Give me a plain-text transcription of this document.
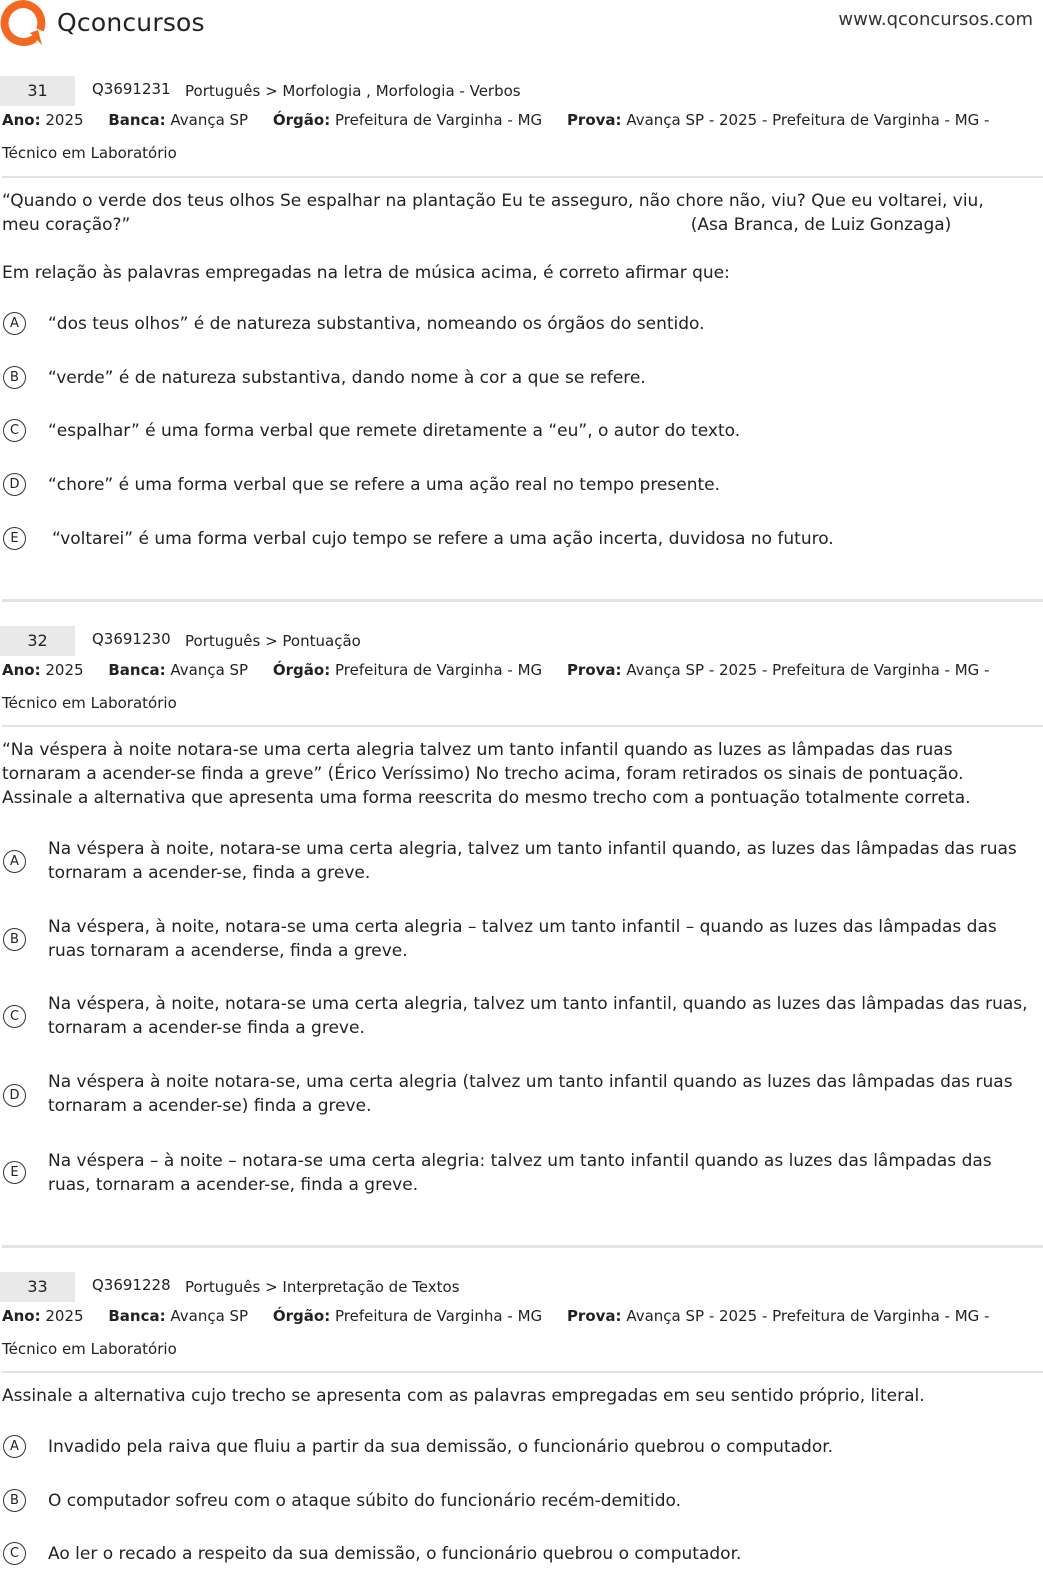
Qconcursos	www.qconcursos.com
31	Q3691231 Português > Morfologia , Morfologia - Verbos
Ano: 2025 Banca: Avança SP Órgão: Prefeitura de Varginha - MG Prova: Avança SP - 2025 - Prefeitura de Varginha - MG - Técnico em Laboratório
“Quando o verde dos teus olhos Se espalhar na plantação Eu te asseguro, não chore não, viu? Que eu voltarei, viu, meu coração?”	(Asa Branca, de Luiz Gonzaga)
Em relação às palavras empregadas na letra de música acima, é correto afirmar que:
A	“dos teus olhos” é de natureza substantiva, nomeando os órgãos do sentido.
B	“verde” é de natureza substantiva, dando nome à cor a que se refere.
C	“espalhar” é uma forma verbal que remete diretamente a “eu”, o autor do texto.
D	“chore” é uma forma verbal que se refere a uma ação real no tempo presente.
E	“voltarei” é uma forma verbal cujo tempo se refere a uma ação incerta, duvidosa no futuro.
32	Q3691230 Português > Pontuação
Ano: 2025 Banca: Avança SP Órgão: Prefeitura de Varginha - MG Prova: Avança SP - 2025 - Prefeitura de Varginha - MG - Técnico em Laboratório
“Na véspera à noite notara-se uma certa alegria talvez um tanto infantil quando as luzes as lâmpadas das ruas tornaram a acender-se finda a greve” (Érico Veríssimo) No trecho acima, foram retirados os sinais de pontuação. Assinale a alternativa que apresenta uma forma reescrita do mesmo trecho com a pontuação totalmente correta.
A
Na véspera à noite, notara-se uma certa alegria, talvez um tanto infantil quando, as luzes das lâmpadas das ruas tornaram a acender-se, finda a greve.
B
Na véspera, à noite, notara-se uma certa alegria – talvez um tanto infantil – quando as luzes das lâmpadas das ruas tornaram a acenderse, finda a greve.
C
Na véspera, à noite, notara-se uma certa alegria, talvez um tanto infantil, quando as luzes das lâmpadas das ruas, tornaram a acender-se finda a greve.
D
Na véspera à noite notara-se, uma certa alegria (talvez um tanto infantil quando as luzes das lâmpadas das ruas tornaram a acender-se) finda a greve.
E
Na véspera – à noite – notara-se uma certa alegria: talvez um tanto infantil quando as luzes das lâmpadas das ruas, tornaram a acender-se, finda a greve.
33	Q3691228 Português > Interpretação de Textos
Ano: 2025 Banca: Avança SP Órgão: Prefeitura de Varginha - MG Prova: Avança SP - 2025 - Prefeitura de Varginha - MG - Técnico em Laboratório
Assinale a alternativa cujo trecho se apresenta com as palavras empregadas em seu sentido próprio, literal.
A	Invadido pela raiva que fluiu a partir da sua demissão, o funcionário quebrou o computador.
B	O computador sofreu com o ataque súbito do funcionário recém-demitido.
C	Ao ler o recado a respeito da sua demissão, o funcionário quebrou o computador.
